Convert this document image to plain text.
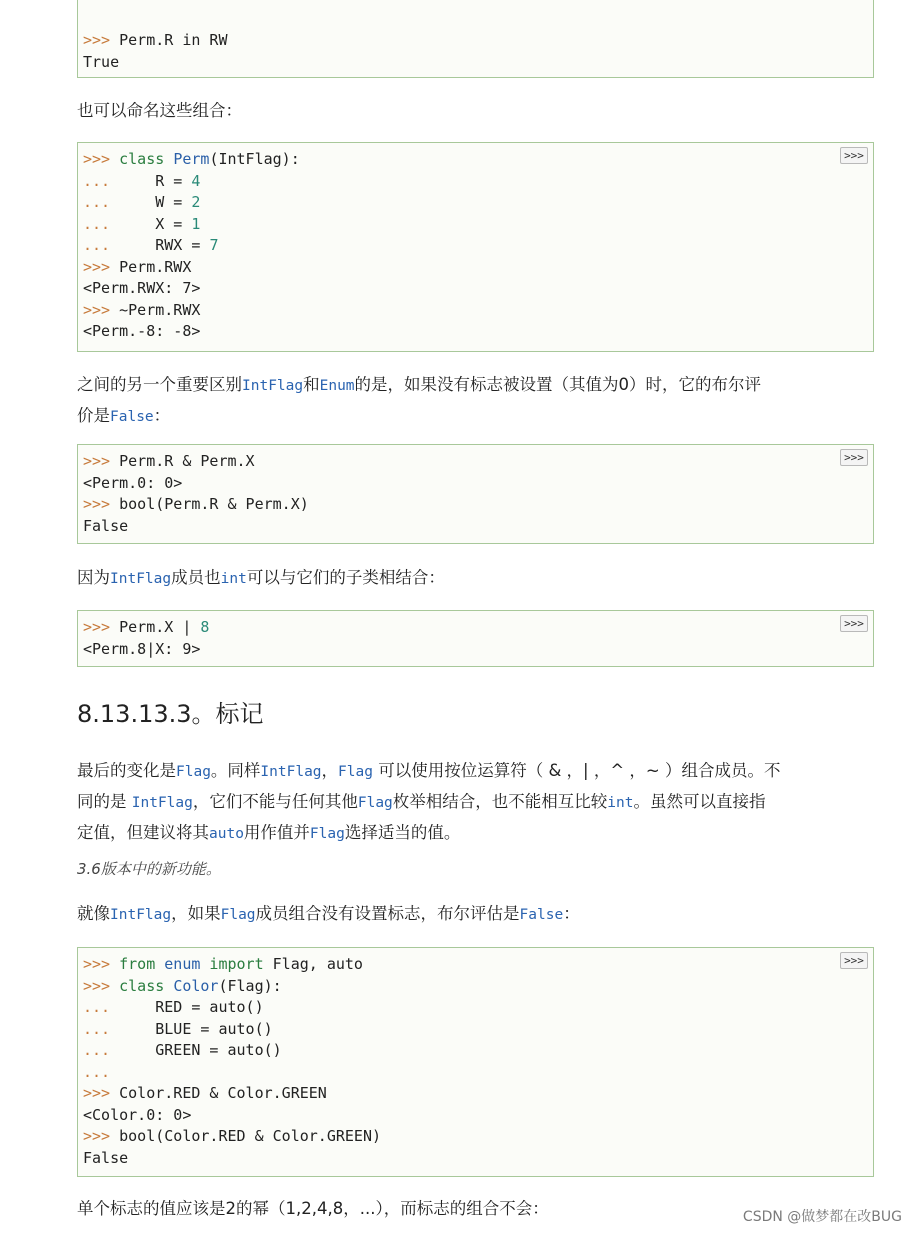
>>> Perm.R in RW
True
也可以命名这些组合：
>>>
>>> class Perm(IntFlag):
...     R = 4
...     W = 2
...     X = 1
...     RWX = 7
>>> Perm.RWX
<Perm.RWX: 7>
>>> ~Perm.RWX
<Perm.-8: -8>
之间的另一个重要区别IntFlag和Enum的是，如果没有标志被设置（其值为0）时，它的布尔评
价是False：
>>>
>>> Perm.R & Perm.X
<Perm.0: 0>
>>> bool(Perm.R & Perm.X)
False
因为IntFlag成员也int可以与它们的子类相结合：
>>>
>>> Perm.X | 8
<Perm.8|X: 9>
8.13.13.3。标记
最后的变化是Flag。同样IntFlag，Flag 可以使用按位运算符（ & ，| ，^ ，~ ）组合成员。不
同的是 IntFlag，它们不能与任何其他Flag枚举相结合，也不能相互比较int。虽然可以直接指
定值，但建议将其auto用作值并Flag选择适当的值。
3.6版本中的新功能。
就像IntFlag，如果Flag成员组合没有设置标志，布尔评估是False：
>>>
>>> from enum import Flag, auto
>>> class Color(Flag):
...     RED = auto()
...     BLUE = auto()
...     GREEN = auto()
...
>>> Color.RED & Color.GREEN
<Color.0: 0>
>>> bool(Color.RED & Color.GREEN)
False
单个标志的值应该是2的幂（1,2,4,8，...），而标志的组合不会：	CSDN @做梦都在改BUG
